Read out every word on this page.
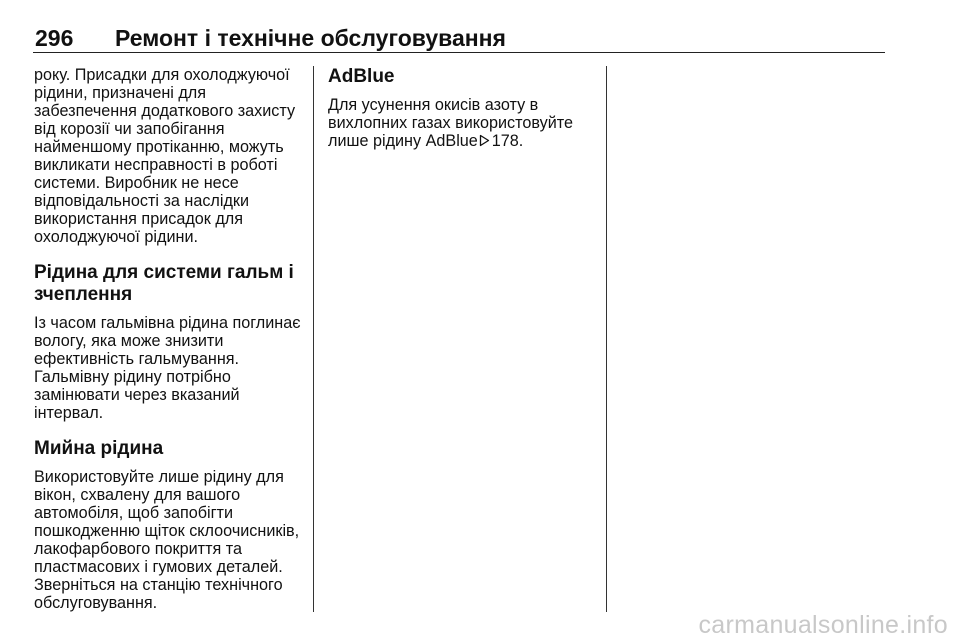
296 Ремонт і технічне обслуговування

року. Присадки для охолоджуючої

рідини, призначені для

забезпечення додаткового захисту

від корозії чи запобігання

найменшому протіканню, можуть

викликати несправності в роботі

системи. Виробник не несе

відповідальності за наслідки

використання присадок для

охолоджуючої рідини.

Рідина для системи гальм і
зчеплення

Із часом гальмівна рідина поглинає

вологу, яка може знизити

ефективність гальмування.

Гальмівну рідину потрібно

замінювати через вказаний

інтервал.

Мийна рідина

Використовуйте лише рідину для

вікон, схвалену для вашого

автомобіля, щоб запобігти

пошкодженню щіток склоочисників,

лакофарбового покриття та

пластмасових і гумових деталей.

Зверніться на станцію технічного

обслуговування.

AdBlue

Для усунення окисів азоту в

вихлопних газах використовуйте

лише рідину AdBlue 178.

carmanualsonline.info
